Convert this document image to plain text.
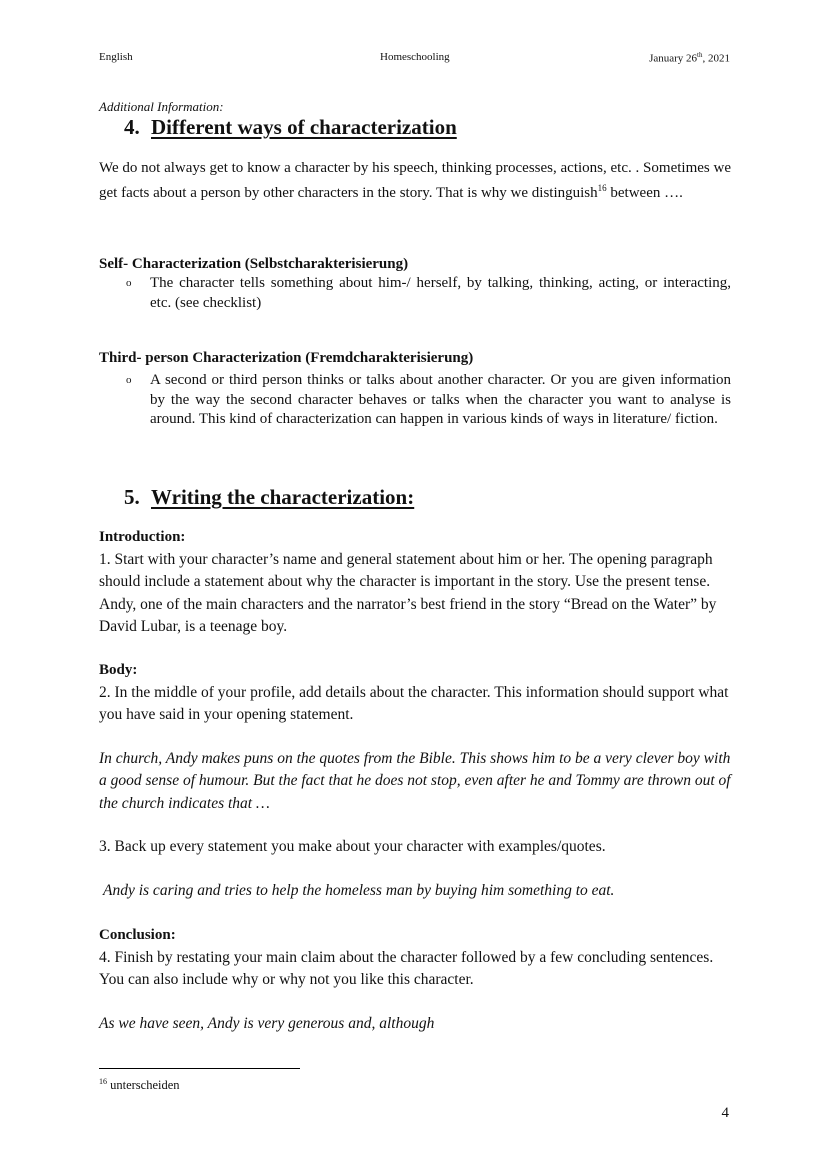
English	Homeschooling	January 26th, 2021
Additional Information:
4. Different ways of characterization
We do not always get to know a character by his speech, thinking processes, actions, etc. . Sometimes we get facts about a person by other characters in the story. That is why we distinguish$^{16}$ between ….
Self- Characterization (Selbstcharakterisierung)
o The character tells something about him-/ herself, by talking, thinking, acting, or interacting, etc. (see checklist)
Third- person Characterization (Fremdcharakterisierung)
o A second or third person thinks or talks about another character. Or you are given information by the way the second character behaves or talks when the character you want to analyse is around. This kind of characterization can happen in various kinds of ways in literature/ fiction.
5. Writing the characterization:
Introduction:
1. Start with your character’s name and general statement about him or her. The opening paragraph should include a statement about why the character is important in the story. Use the present tense. Andy, one of the main characters and the narrator’s best friend in the story “Bread on the Water” by David Lubar, is a teenage boy.
Body:
2. In the middle of your profile, add details about the character. This information should support what you have said in your opening statement.
In church, Andy makes puns on the quotes from the Bible. This shows him to be a very clever boy with a good sense of humour. But the fact that he does not stop, even after he and Tommy are thrown out of the church indicates that …
3. Back up every statement you make about your character with examples/quotes.
Andy is caring and tries to help the homeless man by buying him something to eat.
Conclusion:
4. Finish by restating your main claim about the character followed by a few concluding sentences. You can also include why or why not you like this character.
As we have seen, Andy is very generous and, although
$^{16}$ unterscheiden
4
